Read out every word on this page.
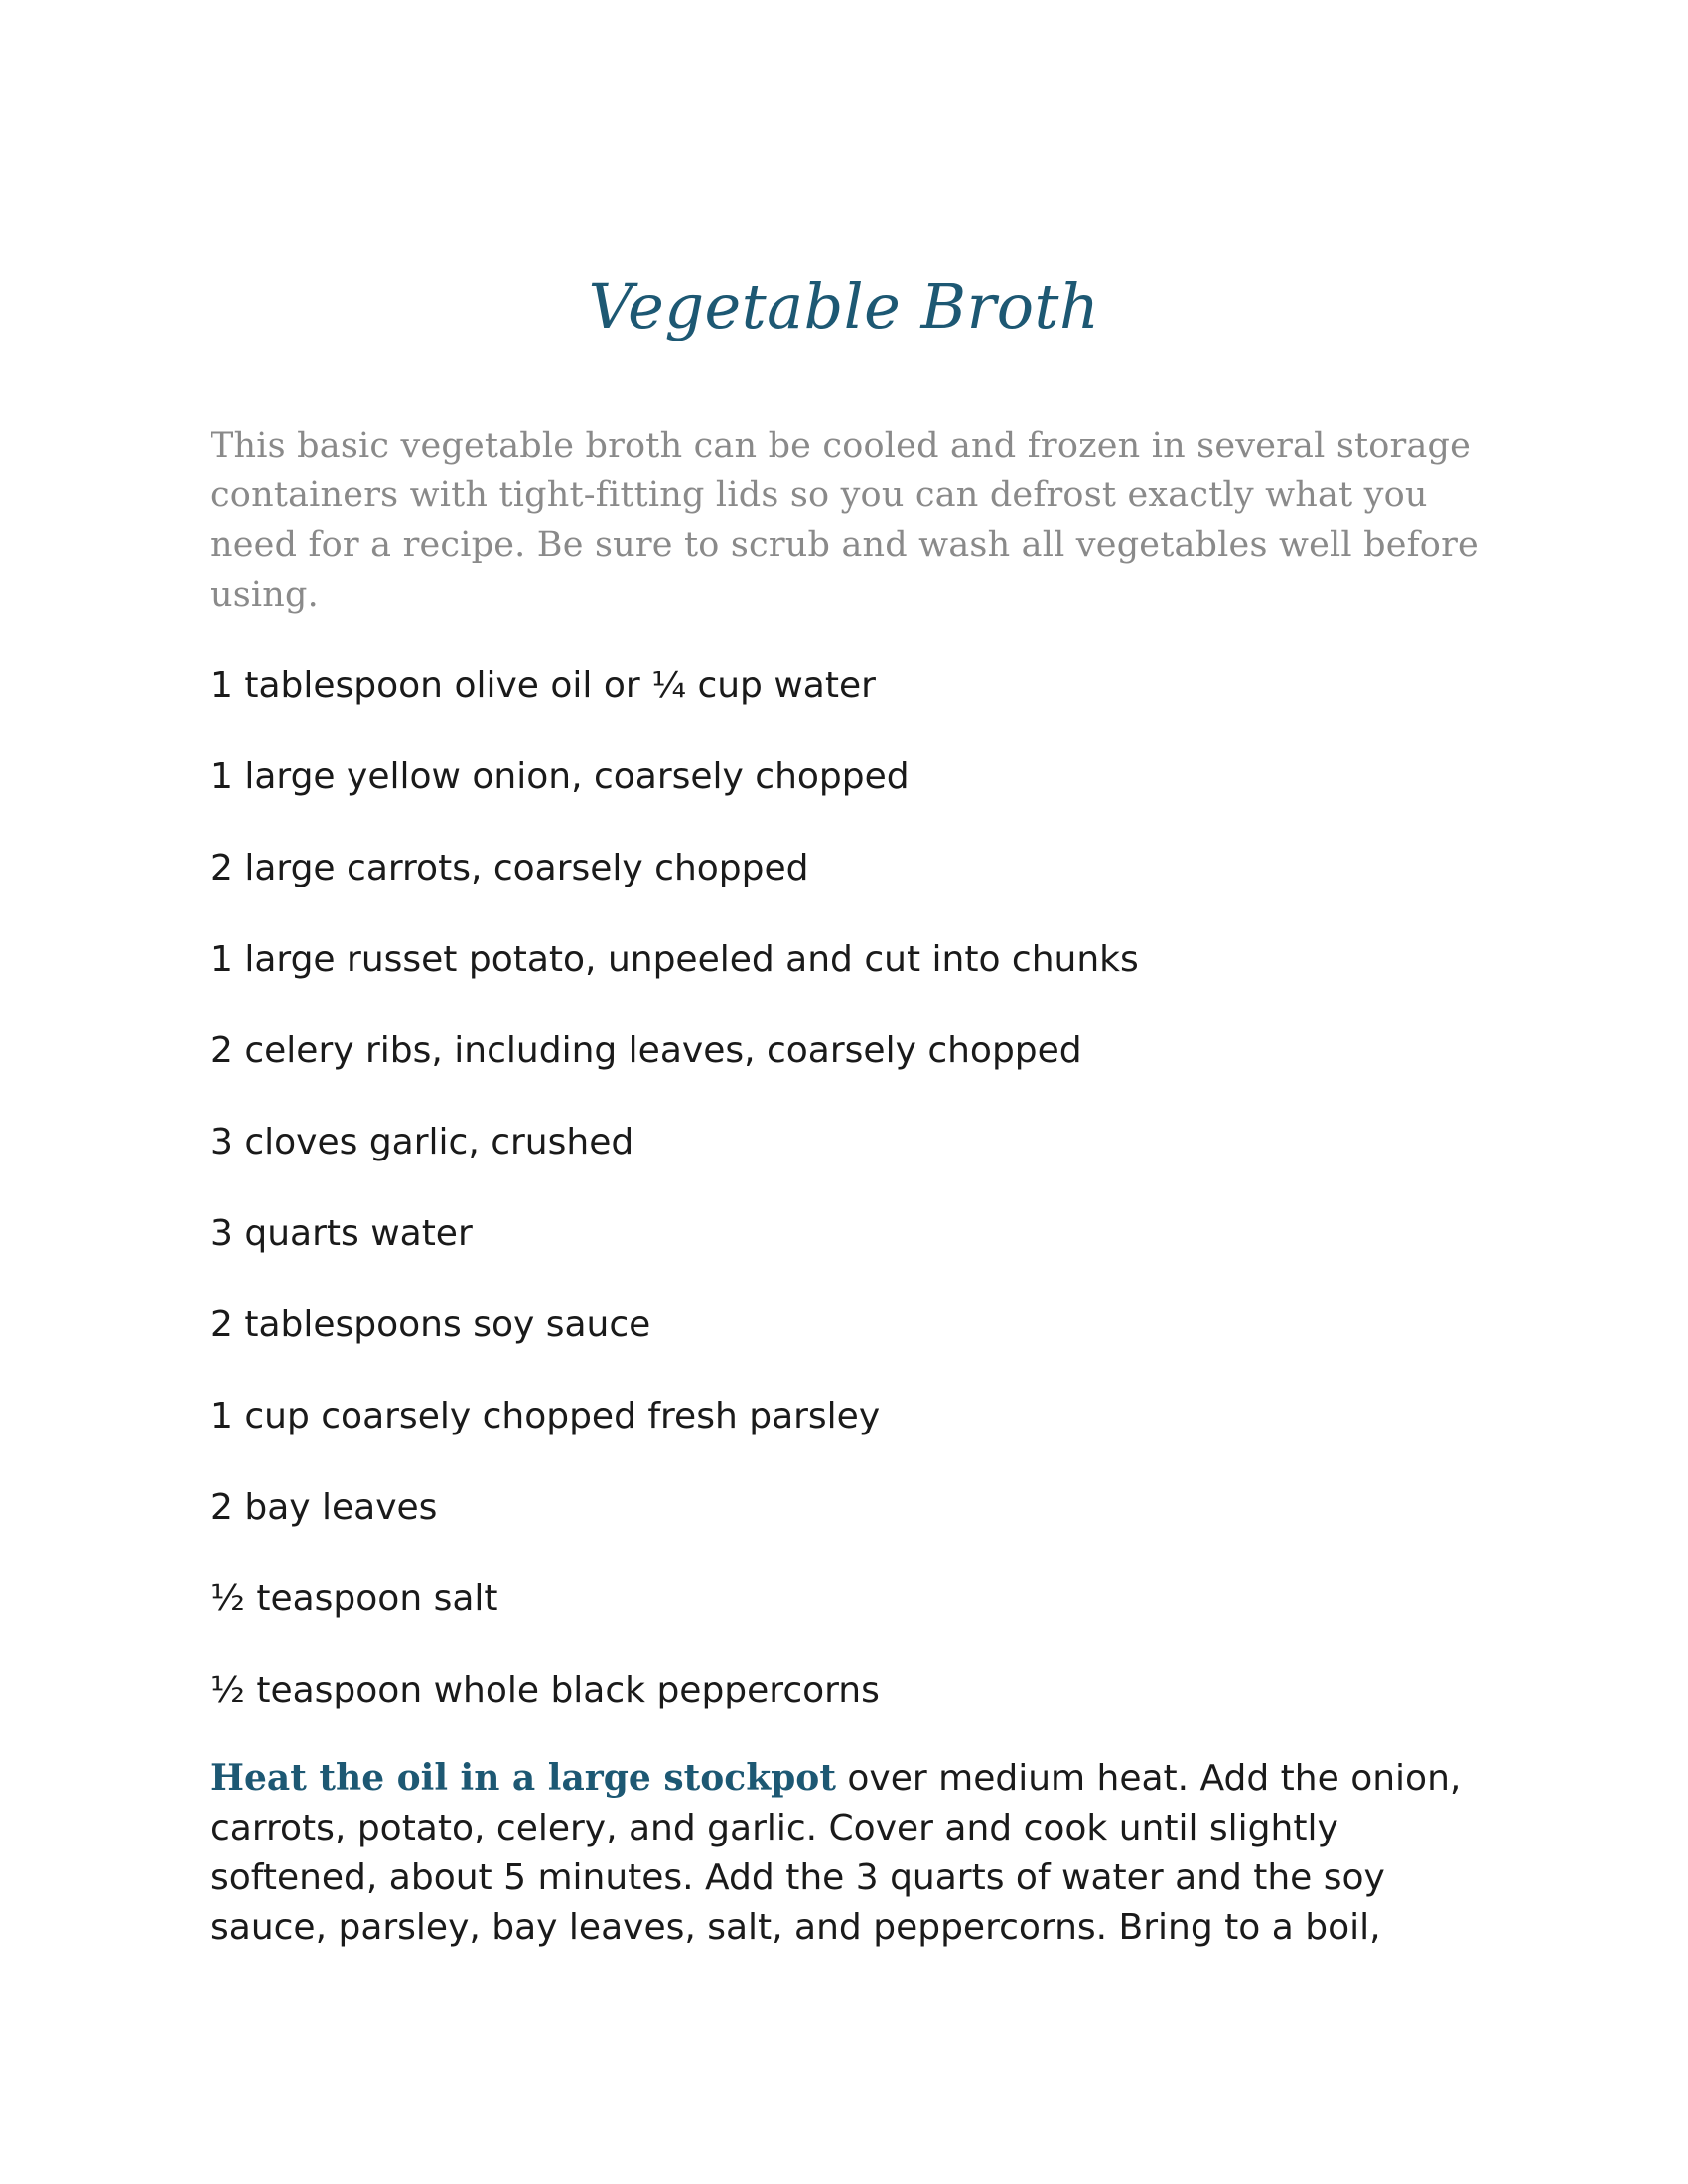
Vegetable Broth

This basic vegetable broth can be cooled and frozen in several storage containers with tight-fitting lids so you can defrost exactly what you need for a recipe. Be sure to scrub and wash all vegetables well before using.

1 tablespoon olive oil or ¼ cup water
1 large yellow onion, coarsely chopped
2 large carrots, coarsely chopped
1 large russet potato, unpeeled and cut into chunks
2 celery ribs, including leaves, coarsely chopped
3 cloves garlic, crushed
3 quarts water
2 tablespoons soy sauce
1 cup coarsely chopped fresh parsley
2 bay leaves
½ teaspoon salt
½ teaspoon whole black peppercorns

Heat the oil in a large stockpot over medium heat. Add the onion, carrots, potato, celery, and garlic. Cover and cook until slightly softened, about 5 minutes. Add the 3 quarts of water and the soy sauce, parsley, bay leaves, salt, and peppercorns. Bring to a boil,
